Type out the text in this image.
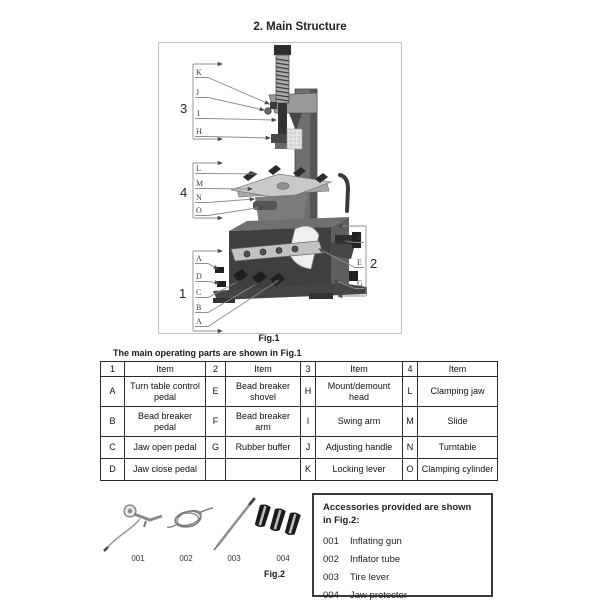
2. Main Structure
3
K
J
I
H
4
L
M
N
O
1
A
D
C
B
A
2
F
E
G
Fig.1
The main operating parts are shown in Fig.1
1	Item	2	Item	3	Item	4	Item
A	Turn table control pedal	E	Bead breaker shovel	H	Mount/demount head	L	Clamping jaw
B	Bead breaker pedal	F	Bead breaker arm	I	Swing arm	M	Slide
C	Jaw open pedal	G	Rubber buffer	J	Adjusting handle	N	Turntable
D	Jaw close pedal			K	Locking lever	O	Clamping cylinder
001	002	003	004
Fig.2
Accessories provided are shown
in Fig.2:
001	Inflating gun
002	Inflator tube
003	Tire lever
004	Jaw protector
